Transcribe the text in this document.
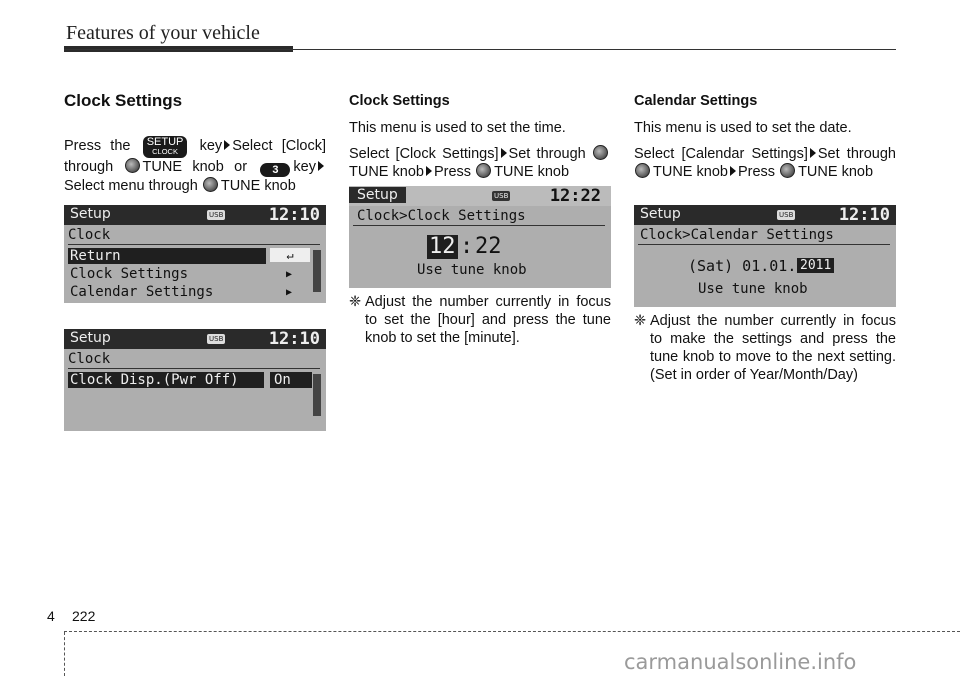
Features of your vehicle
Clock Settings

Press the SETUP
CLOCK	key Select [Clock] through TUNE knob or 3 key Select menu through TUNE knob

Setup	USB	12:10
Clock
Return	↵
Clock Settings	▶
Calendar Settings	▶
Setup	USB	12:10
Clock
Clock Disp.(Pwr Off)	On
Clock Settings

This menu is used to set the time.

Select [Clock Settings] Set through TUNE knob Press TUNE knob

Setup	USB 12:22
Clock>Clock Settings
12 : 22
Use tune knob
❈ Adjust the number currently in focus to set the [hour] and press the tune knob to set the [minute].
Calendar Settings

This menu is used to set the date.

Select [Calendar Settings] Set through TUNE knob Press TUNE knob

Setup	USB	12:10
Clock>Calendar Settings
(Sat) 01.01. 2011
Use tune knob
❈ Adjust the number currently in focus to make the settings and press the tune knob to move to the next setting. (Set in order of Year/Month/Day)
4 222
carmanualsonline.info
